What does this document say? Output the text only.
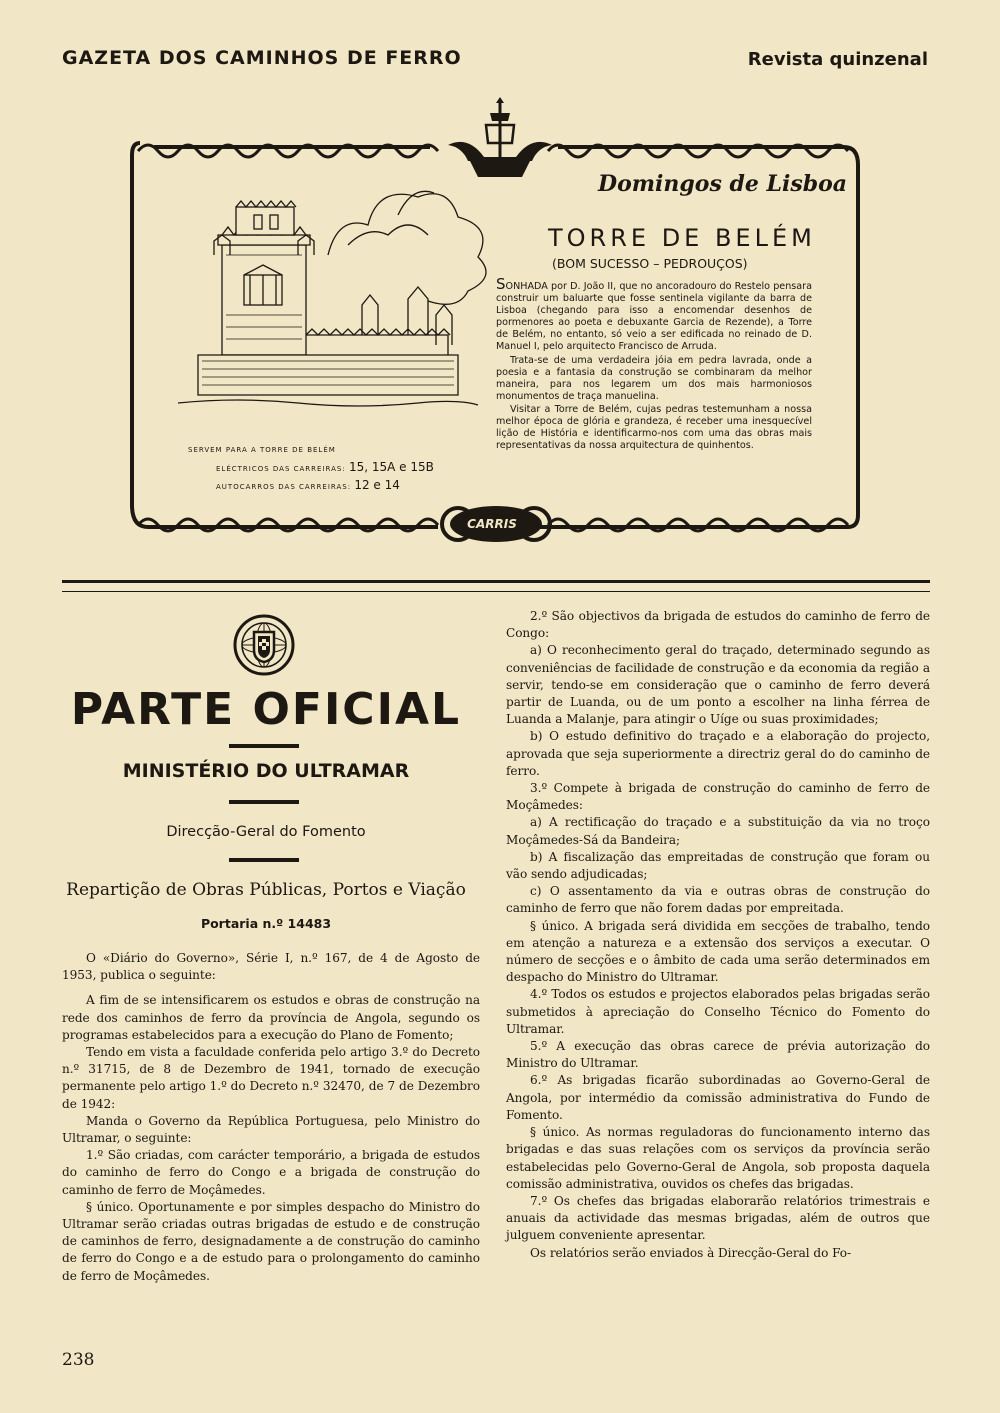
GAZETA DOS CAMINHOS DE FERRO	Revista quinzenal
Domingos de Lisboa
TORRE DE BELÉM
(BOM SUCESSO – PEDROUÇOS)

SONHADA por D. João II, que no ancoradouro do Restelo pensara construir um baluarte que fosse sentinela vigilante da barra de Lisboa (chegando para isso a encomendar desenhos de pormenores ao poeta e debuxante Garcia de Rezende), a Torre de Belém, no entanto, só veio a ser edificada no reinado de D. Manuel I, pelo arquitecto Francisco de Arruda.

Trata-se de uma verdadeira jóia em pedra lavrada, onde a poesia e a fantasia da construção se combinaram da melhor maneira, para nos legarem um dos mais harmoniosos monumentos de traça manuelina.

Visitar a Torre de Belém, cujas pedras testemunham a nossa melhor época de glória e grandeza, é receber uma inesquecível lição de História e identificarmo-nos com uma das obras mais representativas da nossa arquitectura de quinhentos.

SERVEM PARA A TORRE DE BELÉM
ELÉCTRICOS DAS CARREIRAS: 15, 15A e 15B
AUTOCARROS DAS CARREIRAS: 12 e 14
CARRIS
PARTE OFICIAL
MINISTÉRIO DO ULTRAMAR
Direcção-Geral do Fomento
Repartição de Obras Públicas, Portos e Viação
Portaria n.º 14483

O «Diário do Governo», Série I, n.º 167, de 4 de Agosto de 1953, publica o seguinte:

A fim de se intensificarem os estudos e obras de construção na rede dos caminhos de ferro da província de Angola, segundo os programas estabelecidos para a execução do Plano de Fomento;

Tendo em vista a faculdade conferida pelo artigo 3.º do Decreto n.º 31715, de 8 de Dezembro de 1941, tornado de execução permanente pelo artigo 1.º do Decreto n.º 32470, de 7 de Dezembro de 1942:

Manda o Governo da República Portuguesa, pelo Ministro do Ultramar, o seguinte:

1.º São criadas, com carácter temporário, a brigada de estudos do caminho de ferro do Congo e a brigada de construção do caminho de ferro de Moçâmedes.

§ único. Oportunamente e por simples despacho do Ministro do Ultramar serão criadas outras brigadas de estudo e de construção de caminhos de ferro, designadamente a de construção do caminho de ferro do Congo e a de estudo para o prolongamento do caminho de ferro de Moçâmedes.

2.º São objectivos da brigada de estudos do caminho de ferro de Congo:

a) O reconhecimento geral do traçado, determinado segundo as conveniências de facilidade de construção e da economia da região a servir, tendo-se em consideração que o caminho de ferro deverá partir de Luanda, ou de um ponto a escolher na linha férrea de Luanda a Malanje, para atingir o Uíge ou suas proximidades;

b) O estudo definitivo do traçado e a elaboração do projecto, aprovada que seja superiormente a directriz geral do do caminho de ferro.

3.º Compete à brigada de construção do caminho de ferro de Moçâmedes:

a) A rectificação do traçado e a substituição da via no troço Moçâmedes-Sá da Bandeira;

b) A fiscalização das empreitadas de construção que foram ou vão sendo adjudicadas;

c) O assentamento da via e outras obras de construção do caminho de ferro que não forem dadas por empreitada.

§ único. A brigada será dividida em secções de trabalho, tendo em atenção a natureza e a extensão dos serviços a executar. O número de secções e o âmbito de cada uma serão determinados em despacho do Ministro do Ultramar.

4.º Todos os estudos e projectos elaborados pelas brigadas serão submetidos à apreciação do Conselho Técnico do Fomento do Ultramar.

5.º A execução das obras carece de prévia autorização do Ministro do Ultramar.

6.º As brigadas ficarão subordinadas ao Governo-Geral de Angola, por intermédio da comissão administrativa do Fundo de Fomento.

§ único. As normas reguladoras do funcionamento interno das brigadas e das suas relações com os serviços da província serão estabelecidas pelo Governo-Geral de Angola, sob proposta daquela comissão administrativa, ouvidos os chefes das brigadas.

7.º Os chefes das brigadas elaborarão relatórios trimestrais e anuais da actividade das mesmas brigadas, além de outros que julguem conveniente apresentar.

Os relatórios serão enviados à Direcção-Geral do Fo-

238
